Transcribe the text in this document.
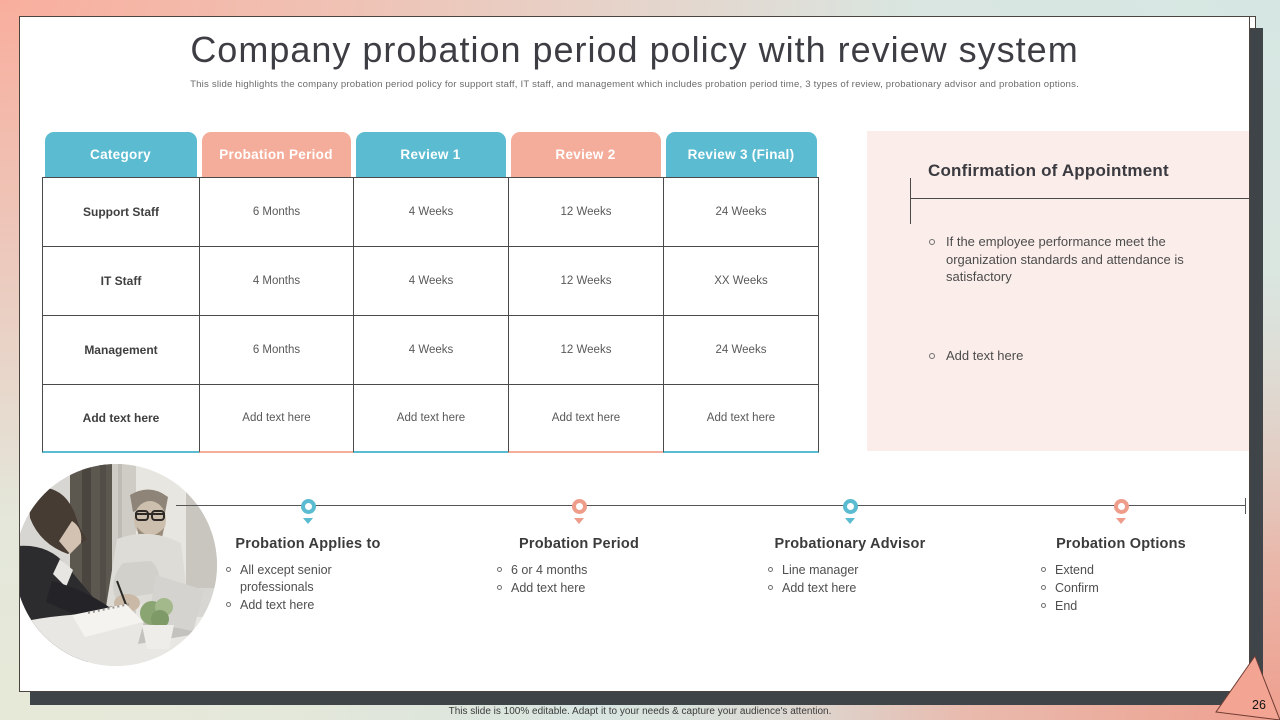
Company probation period policy with review system
This slide highlights the company probation period policy for support staff, IT staff, and management which includes probation period time, 3 types of review, probationary advisor and probation options.
Category	Probation Period	Review 1	Review 2	Review 3 (Final)
Support Staff	6 Months	4 Weeks	12 Weeks	24 Weeks
IT Staff	4 Months	4 Weeks	12 Weeks	XX Weeks
Management	6 Months	4 Weeks	12 Weeks	24 Weeks
Add text here	Add text here	Add text here	Add text here	Add text here
Confirmation of Appointment
If the employee performance meet the organization standards and attendance is satisfactory
Add text here
Probation Applies to	Probation Period	Probationary Advisor	Probation Options
All except senior professionals
Add text here
6 or 4 months
Add text here
Line manager
Add text here
Extend
Confirm
End
26
This slide is 100% editable. Adapt it to your needs & capture your audience's attention.
